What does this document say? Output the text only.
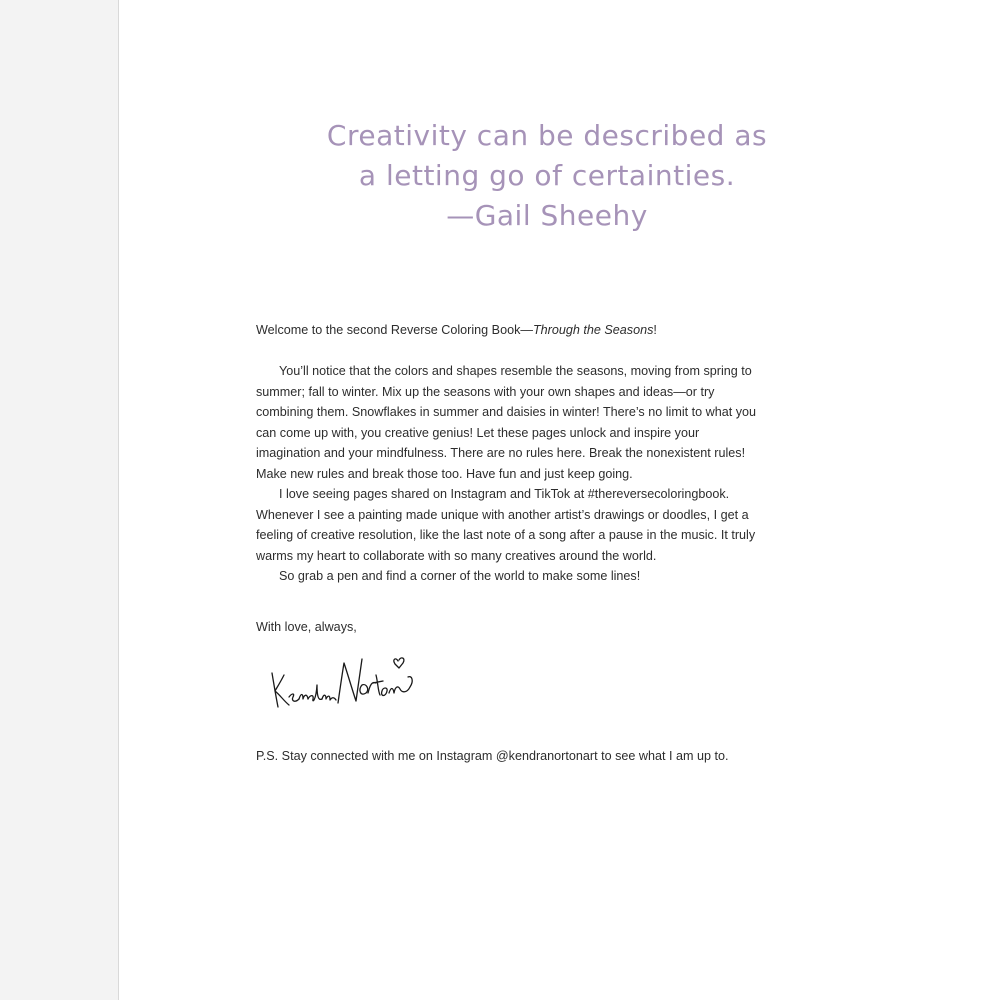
Creativity can be described as
a letting go of certainties.
—Gail Sheehy

Welcome to the second Reverse Coloring Book—Through the Seasons!

You’ll notice that the colors and shapes resemble the seasons, moving from spring to summer; fall to winter. Mix up the seasons with your own shapes and ideas—or try combining them. Snowflakes in summer and daisies in winter! There’s no limit to what you can come up with, you creative genius! Let these pages unlock and inspire your imagination and your mindfulness. There are no rules here. Break the nonexistent rules! Make new rules and break those too. Have fun and just keep going.

I love seeing pages shared on Instagram and TikTok at #thereversecoloringbook. Whenever I see a painting made unique with another artist’s drawings or doodles, I get a feeling of creative resolution, like the last note of a song after a pause in the music. It truly warms my heart to collaborate with so many creatives around the world.

So grab a pen and find a corner of the world to make some lines!

With love, always,

P.S. Stay connected with me on Instagram @kendranortonart to see what I am up to.
